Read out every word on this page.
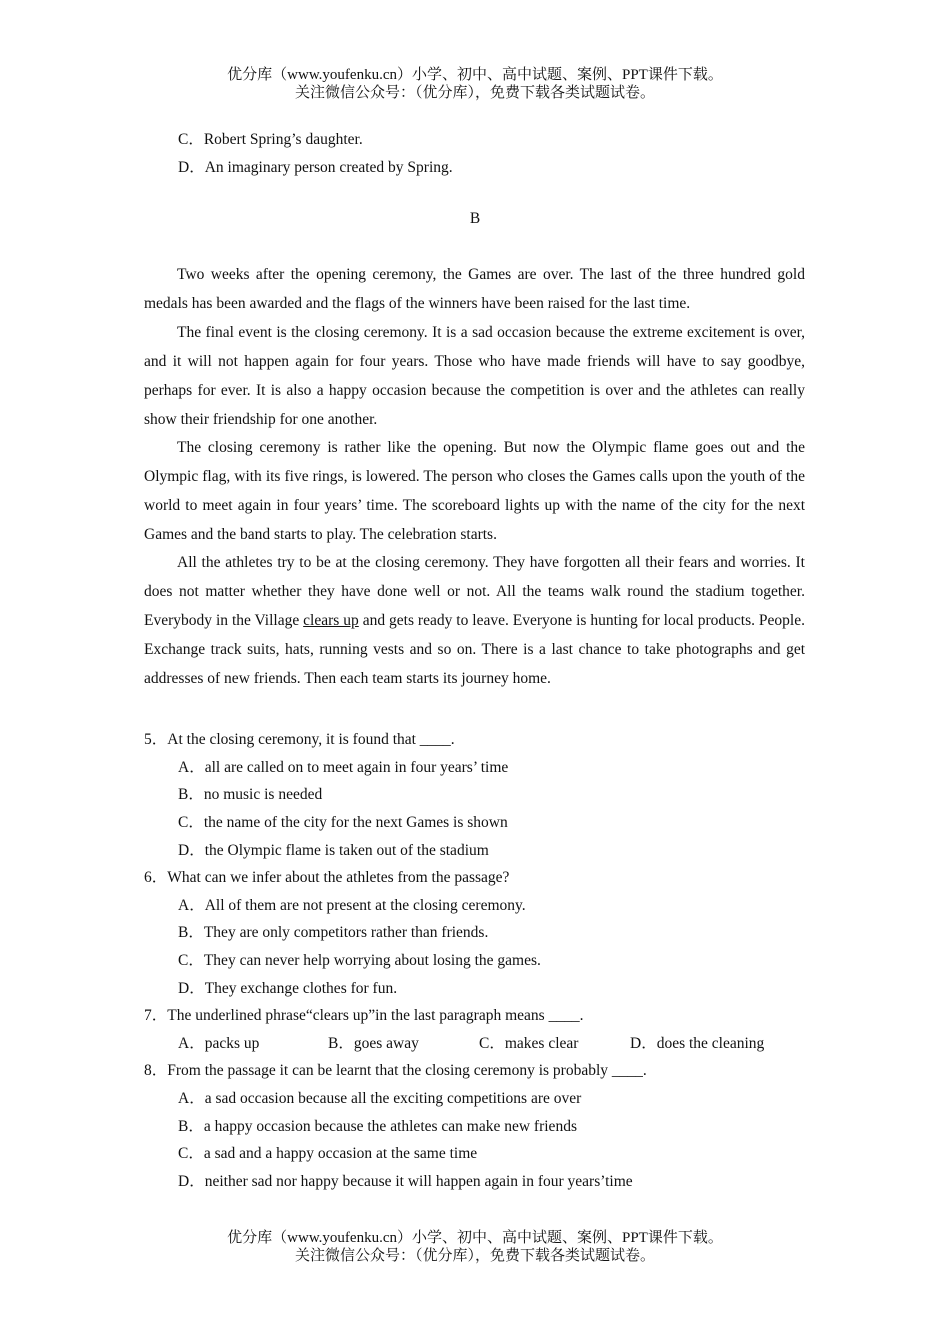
优分库（www.youfenku.cn）小学、初中、高中试题、案例、PPT课件下载。
关注微信公众号：（优分库），免费下载各类试题试卷。
C．Robert Spring’s daughter.
D．An imaginary person created by Spring.
B

Two weeks after the opening ceremony, the Games are over. The last of the three hundred gold medals has been awarded and the flags of the winners have been raised for the last time.

The final event is the closing ceremony. It is a sad occasion because the extreme excitement is over, and it will not happen again for four years. Those who have made friends will have to say goodbye, perhaps for ever. It is also a happy occasion because the competition is over and the athletes can really show their friendship for one another.

The closing ceremony is rather like the opening. But now the Olympic flame goes out and the Olympic flag, with its five rings, is lowered. The person who closes the Games calls upon the youth of the world to meet again in four years’ time. The scoreboard lights up with the name of the city for the next Games and the band starts to play. The celebration starts.

All the athletes try to be at the closing ceremony. They have forgotten all their fears and worries. It does not matter whether they have done well or not. All the teams walk round the stadium together. Everybody in the Village clears up and gets ready to leave. Everyone is hunting for local products. People. Exchange track suits, hats, running vests and so on. There is a last chance to take photographs and get addresses of new friends. Then each team starts its journey home.

5．At the closing ceremony, it is found that ____.
A．all are called on to meet again in four years’ time
B．no music is needed
C．the name of the city for the next Games is shown
D．the Olympic flame is taken out of the stadium
6．What can we infer about the athletes from the passage?
A．All of them are not present at the closing ceremony.
B．They are only competitors rather than friends.
C．They can never help worrying about losing the games.
D．They exchange clothes for fun.
7．The underlined phrase“clears up”in the last paragraph means ____.
A．packs up	B．goes away	C．makes clear	D．does the cleaning
8．From the passage it can be learnt that the closing ceremony is probably ____.
A．a sad occasion because all the exciting competitions are over
B．a happy occasion because the athletes can make new friends
C．a sad and a happy occasion at the same time
D．neither sad nor happy because it will happen again in four years’time
优分库（www.youfenku.cn）小学、初中、高中试题、案例、PPT课件下载。
关注微信公众号：（优分库），免费下载各类试题试卷。
